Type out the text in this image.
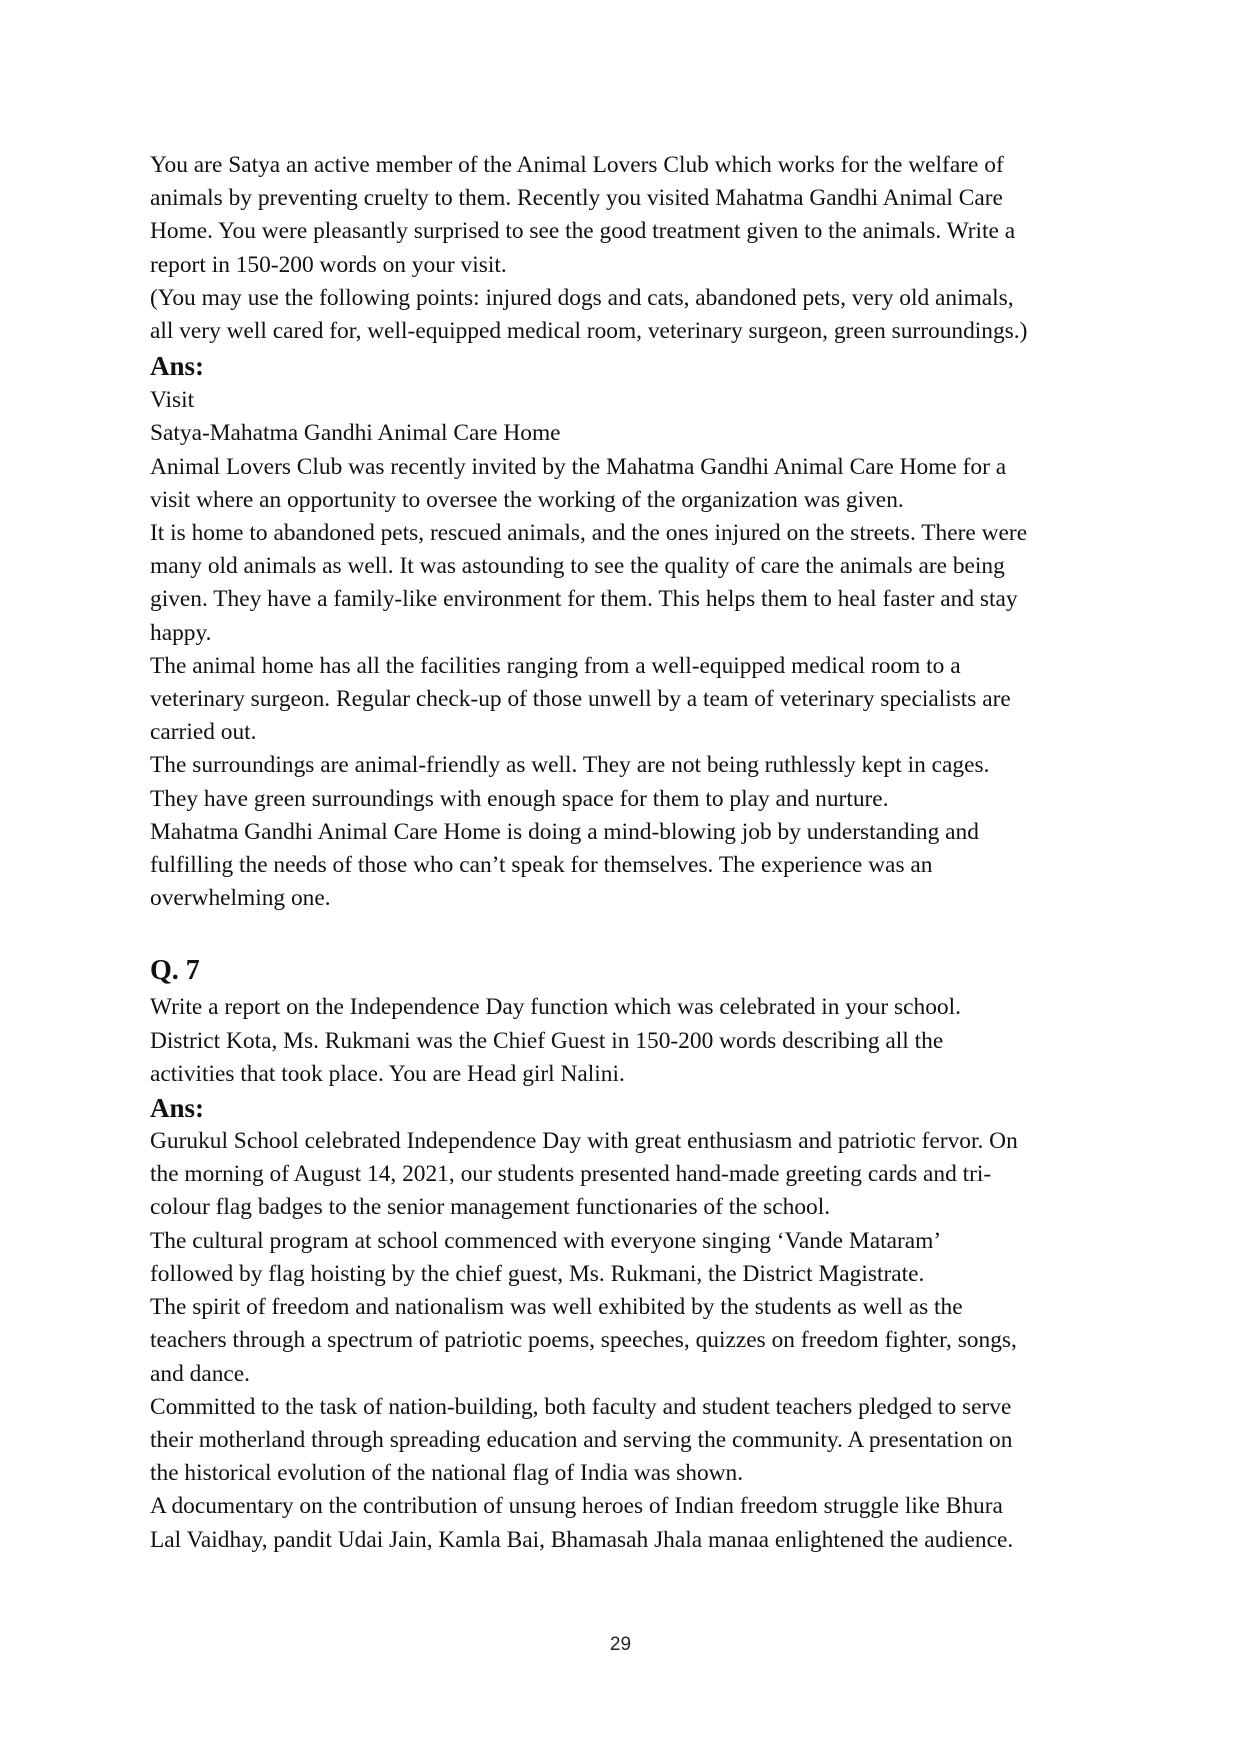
You are Satya an active member of the Animal Lovers Club which works for the welfare of
animals by preventing cruelty to them. Recently you visited Mahatma Gandhi Animal Care
Home. You were pleasantly surprised to see the good treatment given to the animals. Write a
report in 150-200 words on your visit.
(You may use the following points: injured dogs and cats, abandoned pets, very old animals,
all very well cared for, well-equipped medical room, veterinary surgeon, green surroundings.)
Ans:
Visit
Satya-Mahatma Gandhi Animal Care Home
Animal Lovers Club was recently invited by the Mahatma Gandhi Animal Care Home for a
visit where an opportunity to oversee the working of the organization was given.
It is home to abandoned pets, rescued animals, and the ones injured on the streets. There were
many old animals as well. It was astounding to see the quality of care the animals are being
given. They have a family-like environment for them. This helps them to heal faster and stay
happy.
The animal home has all the facilities ranging from a well-equipped medical room to a
veterinary surgeon. Regular check-up of those unwell by a team of veterinary specialists are
carried out.
The surroundings are animal-friendly as well. They are not being ruthlessly kept in cages.
They have green surroundings with enough space for them to play and nurture.
Mahatma Gandhi Animal Care Home is doing a mind-blowing job by understanding and
fulfilling the needs of those who can’t speak for themselves. The experience was an
overwhelming one.
Q. 7
Write a report on the Independence Day function which was celebrated in your school.
District Kota, Ms. Rukmani was the Chief Guest in 150-200 words describing all the
activities that took place. You are Head girl Nalini.
Ans:
Gurukul School celebrated Independence Day with great enthusiasm and patriotic fervor. On
the morning of August 14, 2021, our students presented hand-made greeting cards and tri-
colour flag badges to the senior management functionaries of the school.
The cultural program at school commenced with everyone singing ‘Vande Mataram’
followed by flag hoisting by the chief guest, Ms. Rukmani, the District Magistrate.
The spirit of freedom and nationalism was well exhibited by the students as well as the
teachers through a spectrum of patriotic poems, speeches, quizzes on freedom fighter, songs,
and dance.
Committed to the task of nation-building, both faculty and student teachers pledged to serve
their motherland through spreading education and serving the community. A presentation on
the historical evolution of the national flag of India was shown.
A documentary on the contribution of unsung heroes of Indian freedom struggle like Bhura
Lal Vaidhay, pandit Udai Jain, Kamla Bai, Bhamasah Jhala manaa enlightened the audience.
29
